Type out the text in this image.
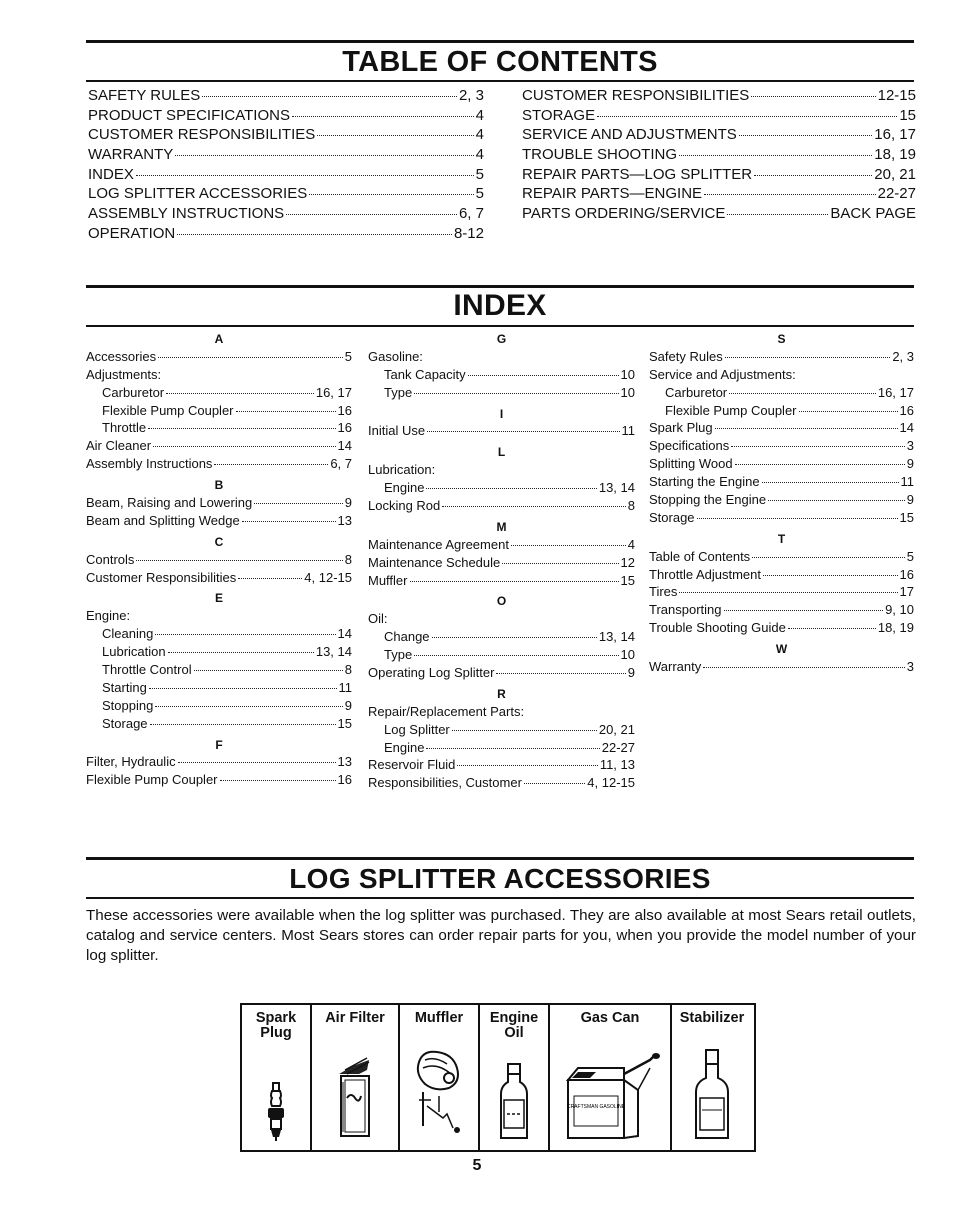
TABLE OF CONTENTS
SAFETY RULES	2, 3
PRODUCT SPECIFICATIONS	4
CUSTOMER RESPONSIBILITIES	4
WARRANTY	4
INDEX	5
LOG SPLITTER ACCESSORIES	5
ASSEMBLY INSTRUCTIONS	6, 7
OPERATION	8-12
CUSTOMER RESPONSIBILITIES	12-15
STORAGE	15
SERVICE AND ADJUSTMENTS	16, 17
TROUBLE SHOOTING	18, 19
REPAIR PARTS—LOG SPLITTER	20, 21
REPAIR PARTS—ENGINE	22-27
PARTS ORDERING/SERVICE	BACK PAGE
INDEX
A
Accessories	5
Adjustments:
Carburetor	16, 17
Flexible Pump Coupler	16
Throttle	16
Air Cleaner	14
Assembly Instructions	6, 7
B
Beam, Raising and Lowering	9
Beam and Splitting Wedge	13
C
Controls	8
Customer Responsibilities	4, 12-15
E
Engine:
Cleaning	14
Lubrication	13, 14
Throttle Control	8
Starting	11
Stopping	9
Storage	15
F
Filter, Hydraulic	13
Flexible Pump Coupler	16
G
Gasoline:
Tank Capacity	10
Type	10
I
Initial Use	11
L
Lubrication:
Engine	13, 14
Locking Rod	8
M
Maintenance Agreement	4
Maintenance Schedule	12
Muffler	15
O
Oil:
Change	13, 14
Type	10
Operating Log Splitter	9
R
Repair/Replacement Parts:
Log Splitter	20, 21
Engine	22-27
Reservoir Fluid	11, 13
Responsibilities, Customer	4, 12-15
S
Safety Rules	2, 3
Service and Adjustments:
Carburetor	16, 17
Flexible Pump Coupler	16
Spark Plug	14
Specifications	3
Splitting Wood	9
Starting the Engine	11
Stopping the Engine	9
Storage	15
T
Table of Contents	5
Throttle Adjustment	16
Tires	17
Transporting	9, 10
Trouble Shooting Guide	18, 19
W
Warranty	3
LOG SPLITTER ACCESSORIES
These accessories were available when the log splitter was purchased. They are also available at most Sears retail outlets, catalog and service centers. Most Sears stores can order repair parts for you, when you provide the model number of your log splitter.
Spark Plug
Air Filter	Muffler	Engine Oil
Gas Can
CRAFTSMAN GASOLINE
Stabilizer
5
